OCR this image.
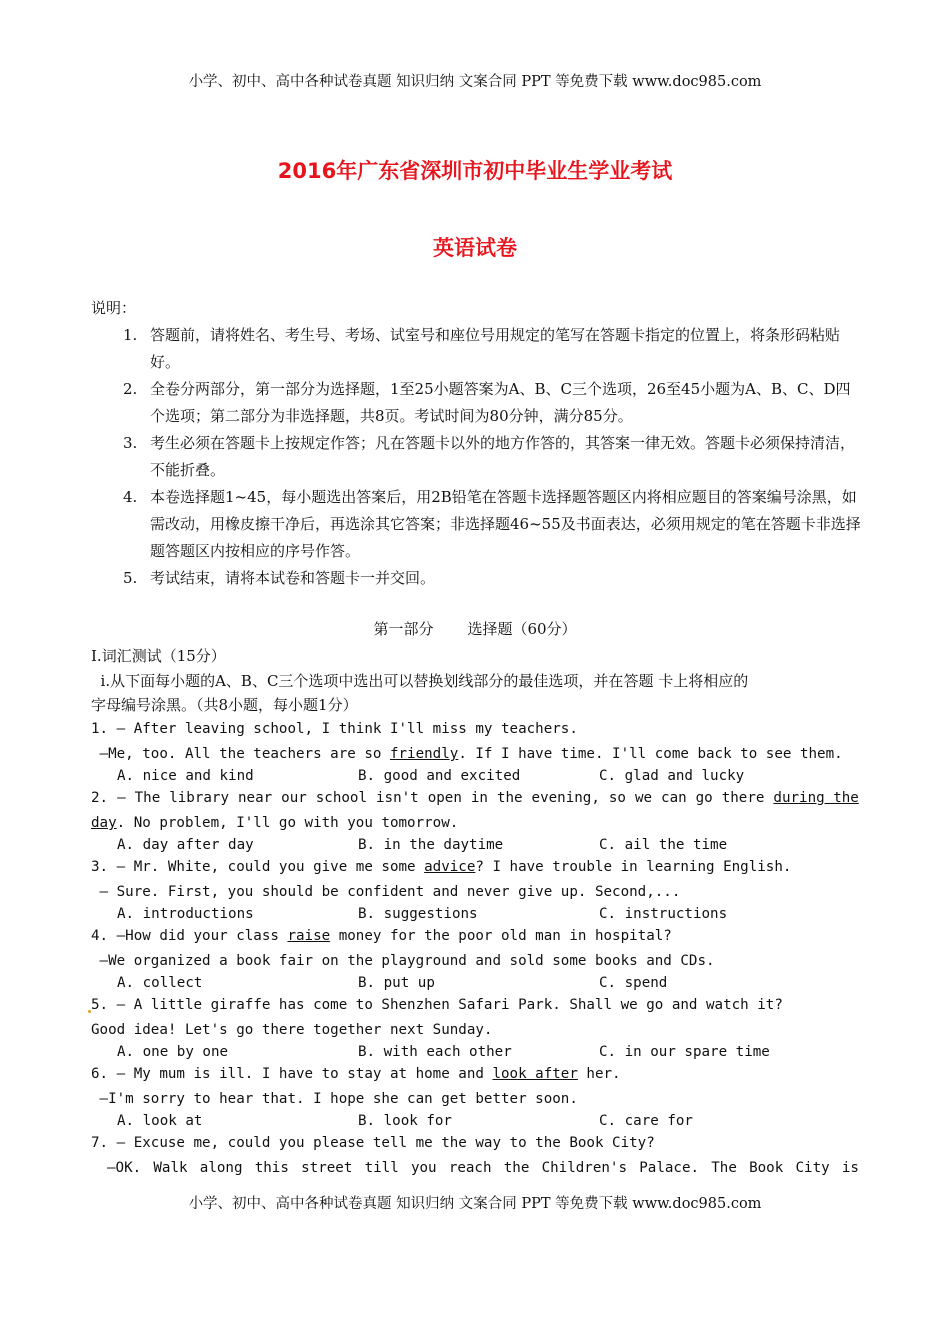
小学、初中、高中各种试卷真题 知识归纳 文案合同 PPT 等免费下载 www.doc985.com
2016年广东省深圳市初中毕业生学业考试
英语试卷
说明：
1. 答题前，请将姓名、考生号、考场、试室号和座位号用规定的笔写在答题卡指定的位置上，将条形码粘贴好。
2. 全卷分两部分，第一部分为选择题，1至25小题答案为A、B、C三个选项，26至45小题为A、B、C、D四个选项；第二部分为非选择题，共8页。考试时间为80分钟，满分85分。
3. 考生必须在答题卡上按规定作答；凡在答题卡以外的地方作答的，其答案一律无效。答题卡必须保持清洁，不能折叠。
4. 本卷选择题1~45，每小题选出答案后，用2B铅笔在答题卡选择题答题区内将相应题目的答案编号涂黑，如需改动，用橡皮擦干净后，再选涂其它答案；非选择题46~55及书面表达，必须用规定的笔在答题卡非选择题答题区内按相应的序号作答。
5. 考试结束，请将本试卷和答题卡一并交回。
第一部分 选择题（60分）
I.词汇测试（15分）
i.从下面每小题的A、B、C三个选项中选出可以替换划线部分的最佳选项，并在答题 卡上将相应的
字母编号涂黑。（共8小题，每小题1分）
1. — After leaving school, I think I'll miss my teachers.
—Me, too. All the teachers are so friendly. If I have time. I'll come back to see them.
A. nice and kind	B. good and excited	C. glad and lucky
2. — The library near our school isn't open in the evening, so we can go there during the
day. No problem, I'll go with you tomorrow.
A. day after day	B. in the daytime	C. ail the time
3. — Mr. White, could you give me some advice? I have trouble in learning English.
— Sure. First, you should be confident and never give up. Second,...
A. introductions	B. suggestions	C. instructions
4. —How did your class raise money for the poor old man in hospital?
—We organized a book fair on the playground and sold some books and CDs.
A. collect	B. put up	C. spend
5. — A little giraffe has come to Shenzhen Safari Park. Shall we go and watch it?
Good idea! Let's go there together next Sunday.
A. one by one	B. with each other	C. in our spare time
6. — My mum is ill. I have to stay at home and look after her.
—I'm sorry to hear that. I hope she can get better soon.
A. look at	B. look for	C. care for
7. — Excuse me, could you please tell me the way to the Book City?
—OK. Walk along this street till you reach the Children's Palace. The Book City is
小学、初中、高中各种试卷真题 知识归纳 文案合同 PPT 等免费下载 www.doc985.com
